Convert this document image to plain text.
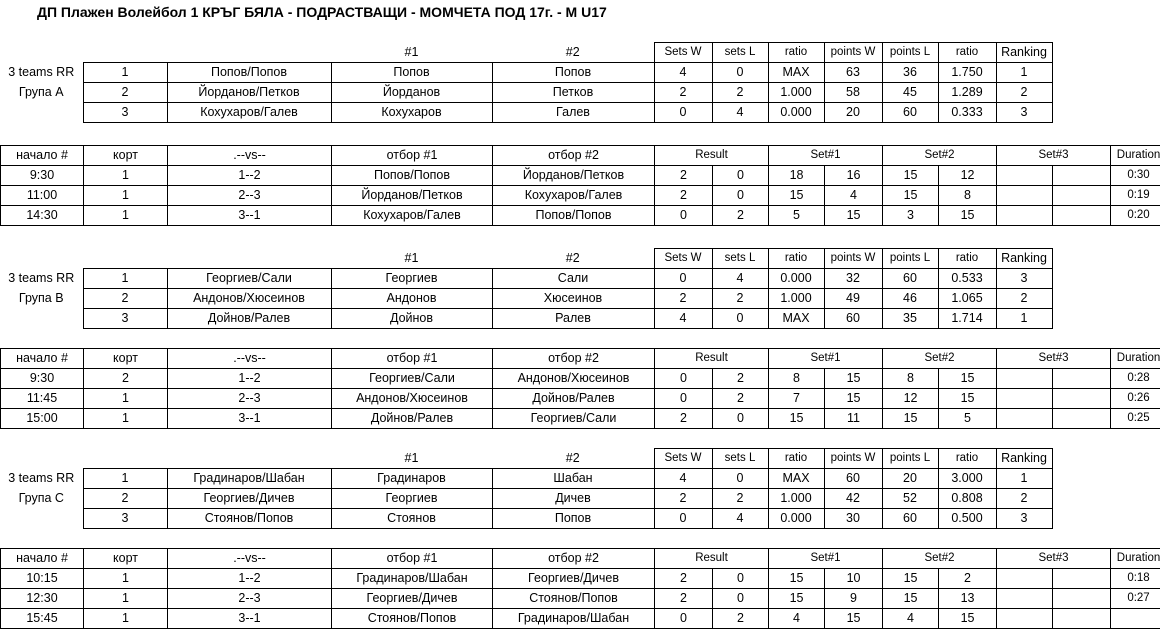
ДП Плажен Волейбол 1 КРЪГ БЯЛА - ПОДРАСТВАЩИ - МОМЧЕТА ПОД 17г. - М U17
			#1	#2	Sets W	sets L	ratio	points W	points L	ratio	Ranking
3 teams RR	1	Попов/Попов	Попов	Попов	4	0	MAX	63	36	1.750	1
Група А	2	Йорданов/Петков	Йорданов	Петков	2	2	1.000	58	45	1.289	2
	3	Кохухаров/Галев	Кохухаров	Галев	0	4	0.000	20	60	0.333	3
начало #	корт	.--vs--	отбор #1	отбор #2	Result		Set#1		Set#2		Set#3		Duration
9:30	1	1--2	Попов/Попов	Йорданов/Петков	2	0	18	16	15	12			0:30
11:00	1	2--3	Йорданов/Петков	Кохухаров/Галев	2	0	15	4	15	8			0:19
14:30	1	3--1	Кохухаров/Галев	Попов/Попов	0	2	5	15	3	15			0:20
			#1	#2	Sets W	sets L	ratio	points W	points L	ratio	Ranking
3 teams RR	1	Георгиев/Сали	Георгиев	Сали	0	4	0.000	32	60	0.533	3
Група В	2	Андонов/Хюсеинов	Андонов	Хюсеинов	2	2	1.000	49	46	1.065	2
	3	Дойнов/Ралев	Дойнов	Ралев	4	0	MAX	60	35	1.714	1
начало #	корт	.--vs--	отбор #1	отбор #2	Result		Set#1		Set#2		Set#3		Duration
9:30	2	1--2	Георгиев/Сали	Андонов/Хюсеинов	0	2	8	15	8	15			0:28
11:45	1	2--3	Андонов/Хюсеинов	Дойнов/Ралев	0	2	7	15	12	15			0:26
15:00	1	3--1	Дойнов/Ралев	Георгиев/Сали	2	0	15	11	15	5			0:25
			#1	#2	Sets W	sets L	ratio	points W	points L	ratio	Ranking
3 teams RR	1	Градинаров/Шабан	Градинаров	Шабан	4	0	MAX	60	20	3.000	1
Група С	2	Георгиев/Дичев	Георгиев	Дичев	2	2	1.000	42	52	0.808	2
	3	Стоянов/Попов	Стоянов	Попов	0	4	0.000	30	60	0.500	3
начало #	корт	.--vs--	отбор #1	отбор #2	Result		Set#1		Set#2		Set#3		Duration
10:15	1	1--2	Градинаров/Шабан	Георгиев/Дичев	2	0	15	10	15	2			0:18
12:30	1	2--3	Георгиев/Дичев	Стоянов/Попов	2	0	15	9	15	13			0:27
15:45	1	3--1	Стоянов/Попов	Градинаров/Шабан	0	2	4	15	4	15			
